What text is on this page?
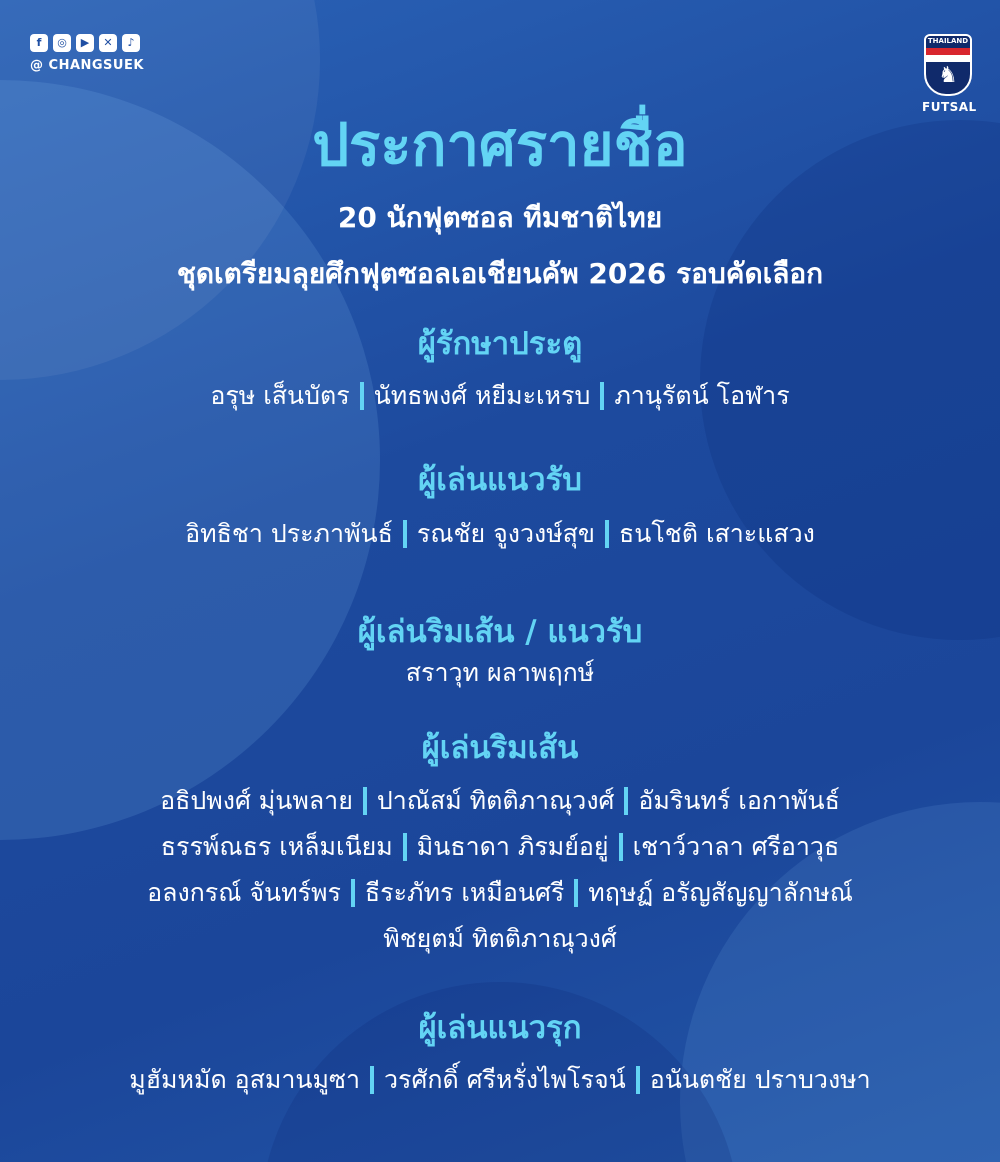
f	◎	▶	✕	♪
@ CHANGSUEK
THAILAND
♞
FUTSAL
ประกาศรายชื่อ
20 นักฟุตซอล ทีมชาติไทย
ชุดเตรียมลุยศึกฟุตซอลเอเชียนคัพ 2026 รอบคัดเลือก
ผู้รักษาประตู
อรุษ เส็นบัตร นัทธพงศ์ หยีมะเหรบ ภานุรัตน์ โอฬาร
ผู้เล่นแนวรับ
อิทธิชา ประภาพันธ์ รณชัย จูงวงษ์สุข ธนโชติ เสาะแสวง
ผู้เล่นริมเส้น / แนวรับ
สราวุท ผลาพฤกษ์
ผู้เล่นริมเส้น
อธิปพงศ์ มุ่นพลาย ปาณัสม์ ทิตติภาณุวงศ์ อัมรินทร์ เอกาพันธ์
ธรรพ์ณธร เหล็มเนียม มินธาดา ภิรมย์อยู่ เชาว์วาลา ศรีอาวุธ
อลงกรณ์ จันทร์พร ธีระภัทร เหมือนศรี ทฤษฏ์ อรัญสัญญาลักษณ์
พิชยุตม์ ทิตติภาณุวงศ์
ผู้เล่นแนวรุก
มูฮัมหมัด อุสมานมูซา วรศักดิ์ ศรีหรั่งไพโรจน์ อนันตชัย ปราบวงษา
